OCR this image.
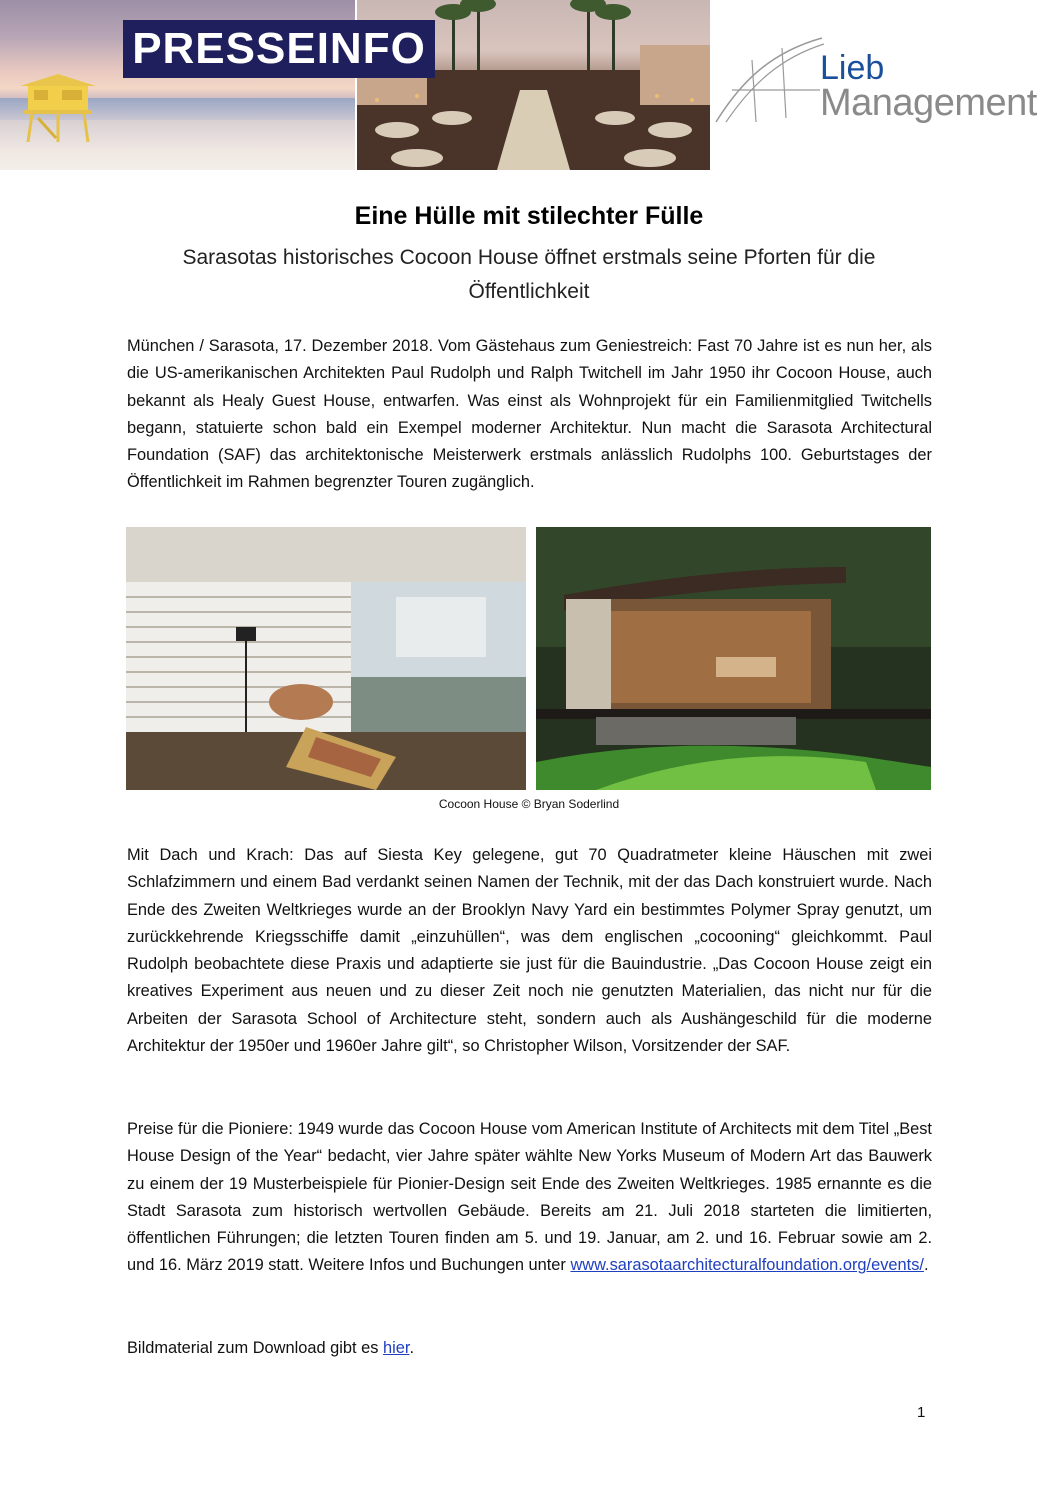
PRESSEINFO	Lieb
Management
Eine Hülle mit stilechter Fülle
Sarasotas historisches Cocoon House öffnet erstmals seine Pforten für die Öffentlichkeit
München / Sarasota, 17. Dezember 2018. Vom Gästehaus zum Geniestreich: Fast 70 Jahre ist es nun her, als die US-amerikanischen Architekten Paul Rudolph und Ralph Twitchell im Jahr 1950 ihr Cocoon House, auch bekannt als Healy Guest House, entwarfen. Was einst als Wohnprojekt für ein Familienmitglied Twitchells begann, statuierte schon bald ein Exempel moderner Architektur. Nun macht die Sarasota Architectural Foundation (SAF) das architektonische Meisterwerk erstmals anlässlich Rudolphs 100. Geburtstages der Öffentlichkeit im Rahmen begrenzter Touren zugänglich.
Cocoon House © Bryan Soderlind
Mit Dach und Krach: Das auf Siesta Key gelegene, gut 70 Quadratmeter kleine Häuschen mit zwei Schlafzimmern und einem Bad verdankt seinen Namen der Technik, mit der das Dach konstruiert wurde. Nach Ende des Zweiten Weltkrieges wurde an der Brooklyn Navy Yard ein bestimmtes Polymer Spray genutzt, um zurückkehrende Kriegsschiffe damit „einzuhüllen“, was dem englischen „cocooning“ gleichkommt. Paul Rudolph beobachtete diese Praxis und adaptierte sie just für die Bauindustrie. „Das Cocoon House zeigt ein kreatives Experiment aus neuen und zu dieser Zeit noch nie genutzten Materialien, das nicht nur für die Arbeiten der Sarasota School of Architecture steht, sondern auch als Aushängeschild für die moderne Architektur der 1950er und 1960er Jahre gilt“, so Christopher Wilson, Vorsitzender der SAF.
Preise für die Pioniere: 1949 wurde das Cocoon House vom American Institute of Architects mit dem Titel „Best House Design of the Year“ bedacht, vier Jahre später wählte New Yorks Museum of Modern Art das Bauwerk zu einem der 19 Musterbeispiele für Pionier-Design seit Ende des Zweiten Weltkrieges. 1985 ernannte es die Stadt Sarasota zum historisch wertvollen Gebäude. Bereits am 21. Juli 2018 starteten die limitierten, öffentlichen Führungen; die letzten Touren finden am 5. und 19. Januar, am 2. und 16. Februar sowie am 2. und 16. März 2019 statt. Weitere Infos und Buchungen unter www.sarasotaarchitecturalfoundation.org/events/.
Bildmaterial zum Download gibt es hier.
1
